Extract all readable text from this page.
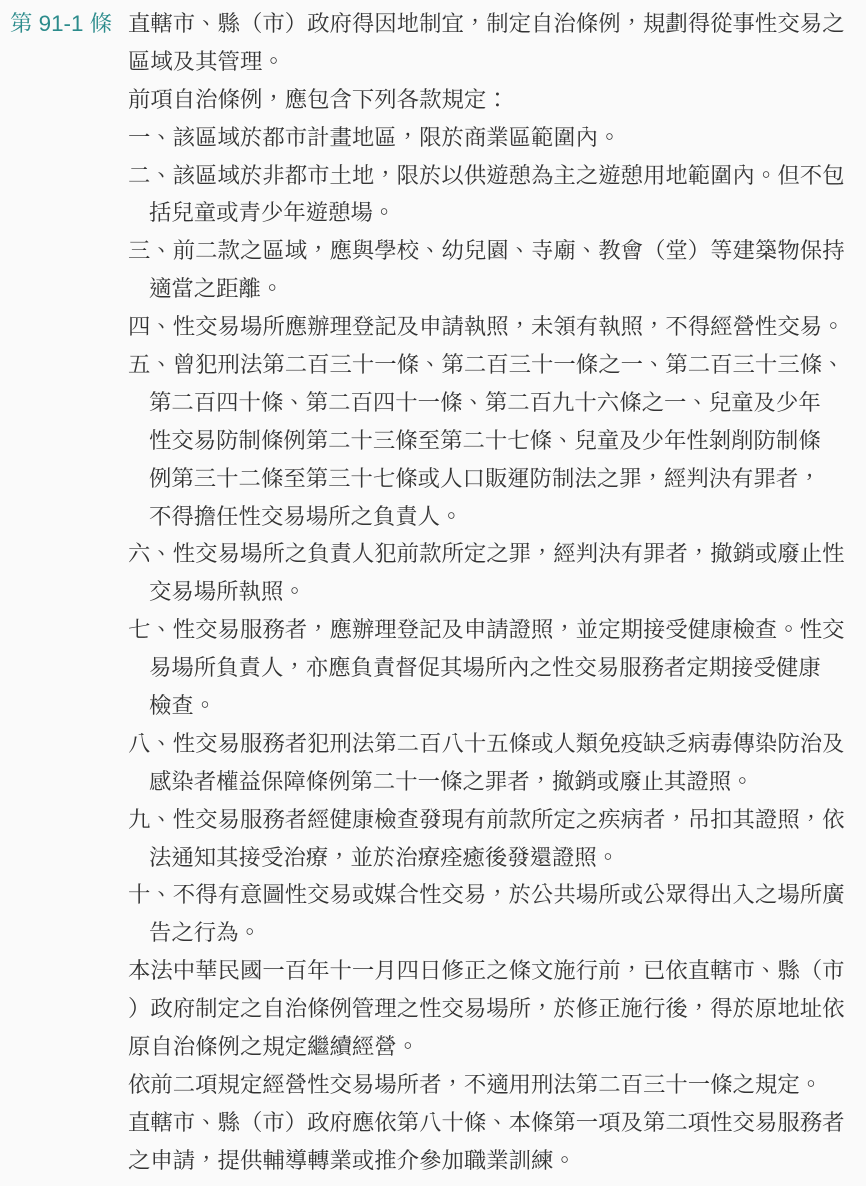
第 91-1 條 直轄市、縣（市）政府得因地制宜，制定自治條例，規劃得從事性交易之
區域及其管理。
前項自治條例，應包含下列各款規定：
一、該區域於都市計畫地區，限於商業區範圍內。
二、該區域於非都市土地，限於以供遊憩為主之遊憩用地範圍內。但不包
括兒童或青少年遊憩場。
三、前二款之區域，應與學校、幼兒園、寺廟、教會（堂）等建築物保持
適當之距離。
四、性交易場所應辦理登記及申請執照，未領有執照，不得經營性交易。
五、曾犯刑法第二百三十一條、第二百三十一條之一、第二百三十三條、
第二百四十條、第二百四十一條、第二百九十六條之一、兒童及少年
性交易防制條例第二十三條至第二十七條、兒童及少年性剝削防制條
例第三十二條至第三十七條或人口販運防制法之罪，經判決有罪者，
不得擔任性交易場所之負責人。
六、性交易場所之負責人犯前款所定之罪，經判決有罪者，撤銷或廢止性
交易場所執照。
七、性交易服務者，應辦理登記及申請證照，並定期接受健康檢查。性交
易場所負責人，亦應負責督促其場所內之性交易服務者定期接受健康
檢查。
八、性交易服務者犯刑法第二百八十五條或人類免疫缺乏病毒傳染防治及
感染者權益保障條例第二十一條之罪者，撤銷或廢止其證照。
九、性交易服務者經健康檢查發現有前款所定之疾病者，吊扣其證照，依
法通知其接受治療，並於治療痊癒後發還證照。
十、不得有意圖性交易或媒合性交易，於公共場所或公眾得出入之場所廣
告之行為。
本法中華民國一百年十一月四日修正之條文施行前，已依直轄市、縣（市
）政府制定之自治條例管理之性交易場所，於修正施行後，得於原地址依
原自治條例之規定繼續經營。
依前二項規定經營性交易場所者，不適用刑法第二百三十一條之規定。
直轄市、縣（市）政府應依第八十條、本條第一項及第二項性交易服務者
之申請，提供輔導轉業或推介參加職業訓練。
